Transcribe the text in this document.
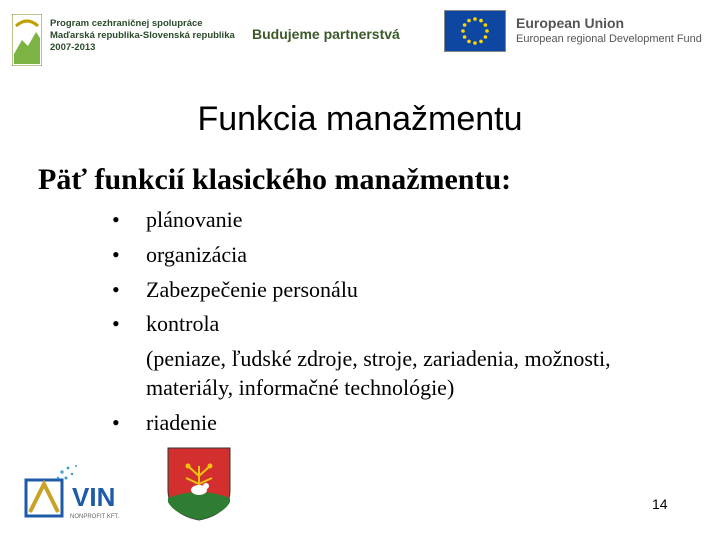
Program cezhraničnej spolupráce
Maďarská republika-Slovenská republika
2007-2013
Budujeme partnerstvá
European Union
European regional Development Fund
Funkcia manažmentu
Päť funkcií klasického manažmentu:
• plánovanie
• organizácia
• Zabezpečenie personálu
• kontrola
(peniaze, ľudské zdroje, stroje, zariadenia, možnosti,
materiály, informačné technológie)
• riadenie
VIN
NONPROFIT KFT.
14
